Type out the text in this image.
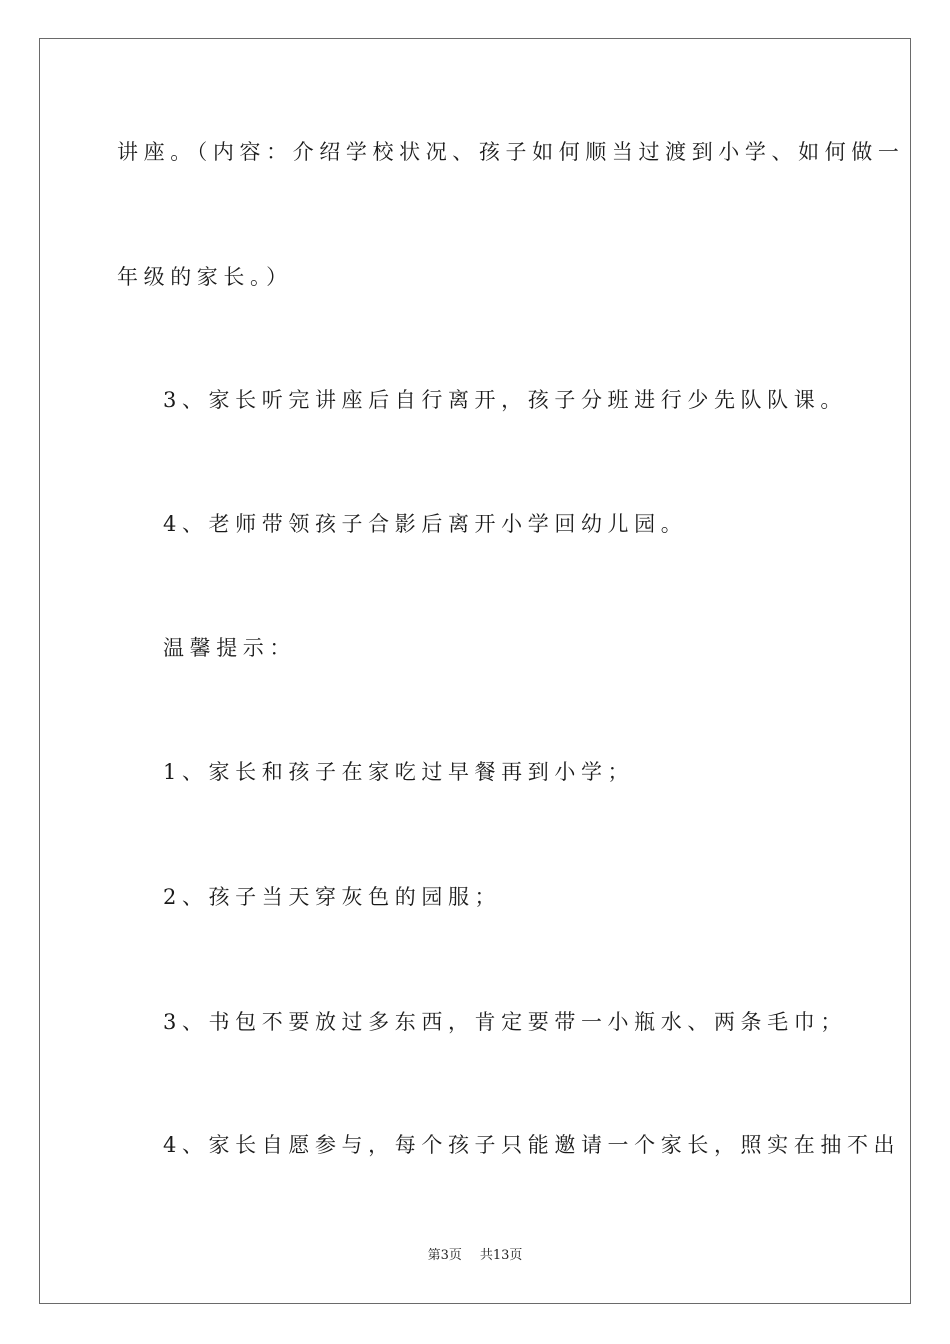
讲座。（内容：介绍学校状况、孩子如何顺当过渡到小学、如何做一
年级的家长。）
3、家长听完讲座后自行离开，孩子分班进行少先队队课。
4、老师带领孩子合影后离开小学回幼儿园。
温馨提示：
1、家长和孩子在家吃过早餐再到小学；
2、孩子当天穿灰色的园服；
3、书包不要放过多东西，肯定要带一小瓶水、两条毛巾；
4、家长自愿参与，每个孩子只能邀请一个家长，照实在抽不出
第3页 共13页
